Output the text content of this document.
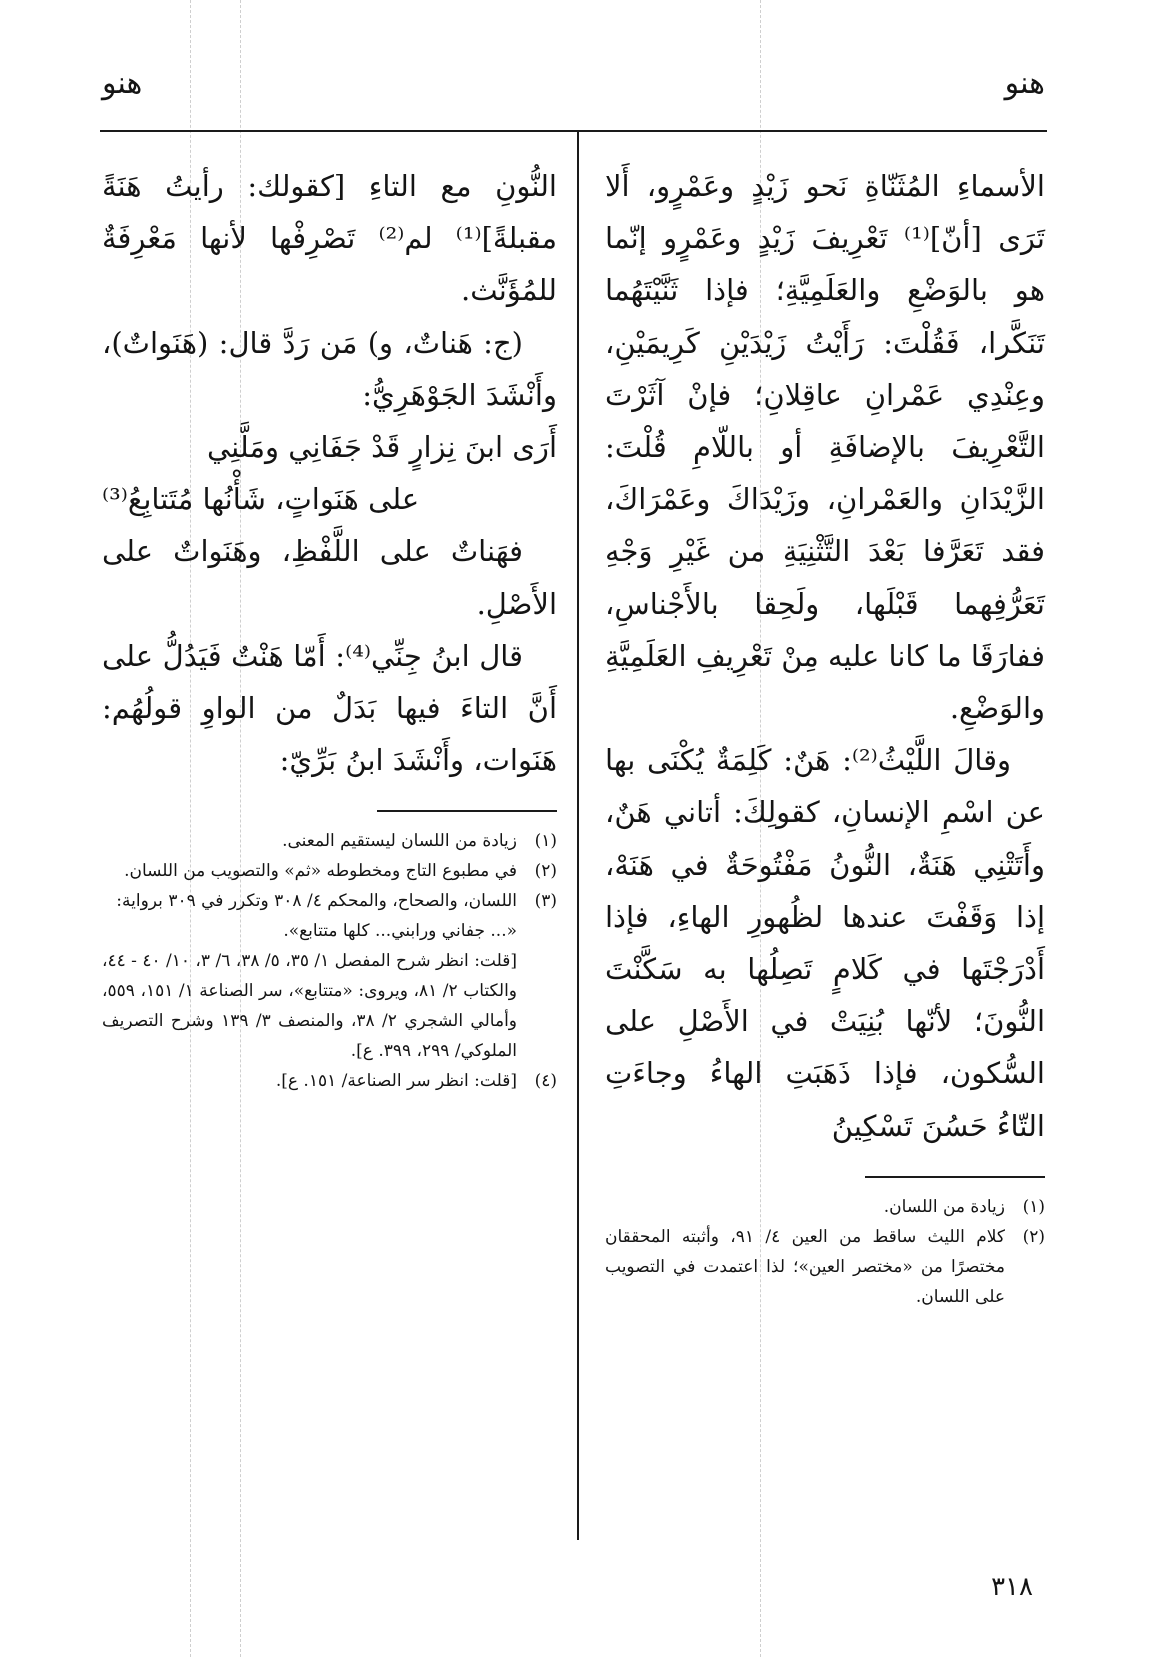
هنو
هنو

الأسماءِ المُثَنّاةِ نَحو زَيْدٍ وعَمْرٍو، أَلا تَرَى [أنّ]⁽¹⁾ تَعْرِيفَ زَيْدٍ وعَمْرٍو إنّما هو بالوَضْعِ والعَلَمِيَّةِ؛ فإذا ثَنَّيْتَهُما تَنَكَّرا، فَقُلْتَ: رَأَيْتُ زَيْدَيْنِ كَرِيمَيْنِ، وعِنْدِي عَمْرانِ عاقِلانِ؛ فإنْ آثَرْتَ التَّعْرِيفَ بالإضافَةِ أو باللّامِ قُلْتَ: الزَّيْدَانِ والعَمْرانِ، وزَيْدَاكَ وعَمْرَاكَ، فقد تَعَرَّفا بَعْدَ التَّثْنِيَةِ من غَيْرِ وَجْهِ تَعَرُّفِهما قَبْلَها، ولَحِقا بالأَجْناسِ، ففارَقَا ما كانا عليه مِنْ تَعْرِيفِ العَلَمِيَّةِ والوَضْعِ.

وقالَ اللَّيْثُ⁽²⁾: هَنٌ: كَلِمَةٌ يُكْنَى بها عن اسْمِ الإنسانِ، كقولِكَ: أتاني هَنٌ، وأَتَتْنِي هَنَةٌ، النُّونُ مَفْتُوحَةٌ في هَنَهْ، إذا وَقَفْتَ عندها لظُهورِ الهاءِ، فإذا أَدْرَجْتَها في كَلامٍ تَصِلُها به سَكَّنْتَ النُّونَ؛ لأنّها بُنِيَتْ في الأَصْلِ على السُّكون، فإذا ذَهَبَتِ الهاءُ وجاءَتِ التّاءُ حَسُنَ تَسْكِينُ

(١)
زيادة من اللسان.
(٢)
كلام الليث ساقط من العين ٤/ ٩١، وأثبته المحققان مختصرًا من «مختصر العين»؛ لذا اعتمدت في التصويب على اللسان.

النُّونِ مع التاءِ [كقولك: رأيتُ هَنَةً مقبلةً]⁽¹⁾ لم⁽²⁾ تَصْرِفْها لأنها مَعْرِفَةٌ للمُؤَنَّث.

(ج: هَناتٌ، و) مَن رَدَّ قال: (هَنَواتٌ)، وأَنْشَدَ الجَوْهَرِيُّ:

أَرَى ابنَ نِزارٍ قَدْ جَفَانِي ومَلَّنِي

على هَنَواتٍ، شَأْنُها مُتَتابِعُ⁽³⁾

فهَناتٌ على اللَّفْظِ، وهَنَواتٌ على الأَصْلِ.

قال ابنُ جِنِّي⁽⁴⁾: أَمّا هَنْتٌ فَيَدُلُّ على أَنَّ التاءَ فيها بَدَلٌ من الواوِ قولُهُم: هَنَوات، وأَنْشَدَ ابنُ بَرِّيّ:

(١)
زيادة من اللسان ليستقيم المعنى.
(٢)
في مطبوع التاج ومخطوطه «ثم» والتصويب من اللسان.
(٣)
اللسان، والصحاح، والمحكم ٤/ ٣٠٨ وتكرر في ٣٠٩ برواية:

«... جفاني ورابني... كلها متتابع».

[قلت: انظر شرح المفصل ١/ ٣٥، ٥/ ٣٨، ٦/ ٣، ١٠/ ٤٠ - ٤٤، والكتاب ٢/ ٨١، ويروى: «متتابع»، سر الصناعة ١/ ١٥١، ٥٥٩، وأمالي الشجري ٢/ ٣٨، والمنصف ٣/ ١٣٩ وشرح التصريف الملوكي/ ٢٩٩، ٣٩٩. ع].

(٤)
[قلت: انظر سر الصناعة/ ١٥١. ع].
٣١٨
